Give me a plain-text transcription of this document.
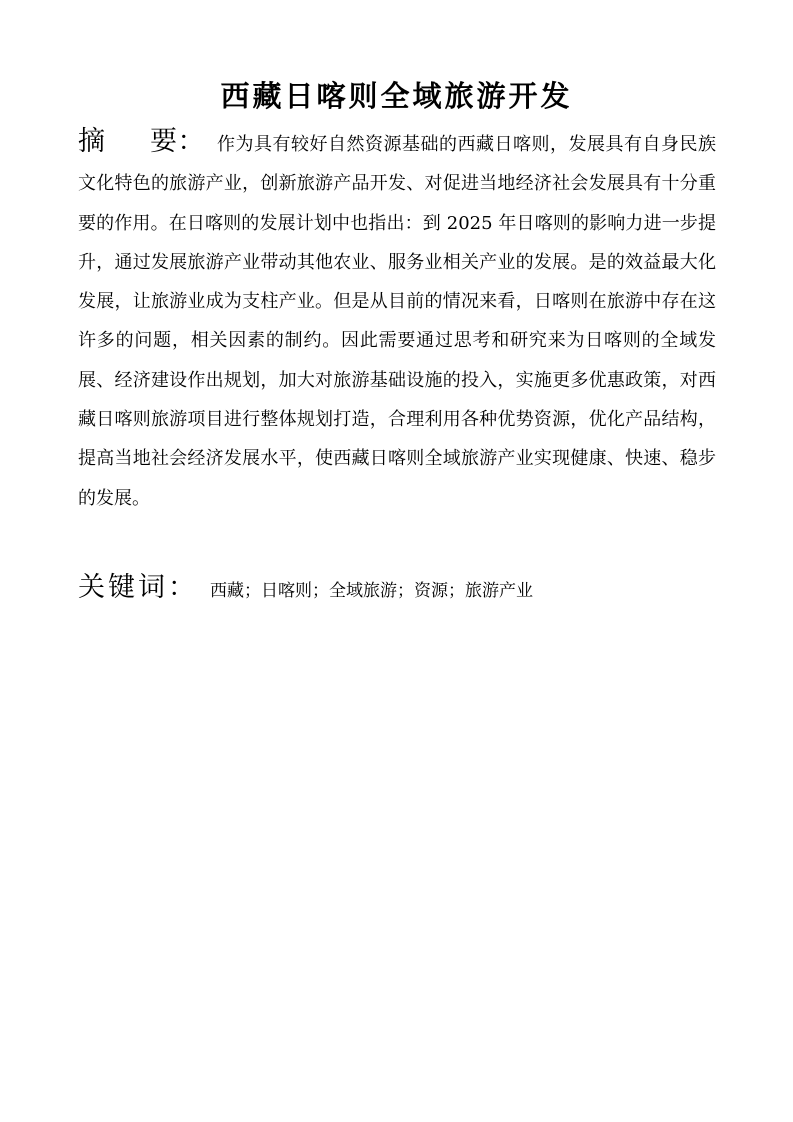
西藏日喀则全域旅游开发
摘 要： 作为具有较好自然资源基础的西藏日喀则，发展具有自身民族文化特色的旅游产业，创新旅游产品开发、对促进当地经济社会发展具有十分重要的作用。在日喀则的发展计划中也指出：到 2025 年日喀则的影响力进一步提升，通过发展旅游产业带动其他农业、服务业相关产业的发展。是的效益最大化发展，让旅游业成为支柱产业。但是从目前的情况来看，日喀则在旅游中存在这许多的问题，相关因素的制约。因此需要通过思考和研究来为日喀则的全域发展、经济建设作出规划，加大对旅游基础设施的投入，实施更多优惠政策，对西藏日喀则旅游项目进行整体规划打造，合理利用各种优势资源，优化产品结构，提高当地社会经济发展水平，使西藏日喀则全域旅游产业实现健康、快速、稳步的发展。
关键词： 西藏；日喀则；全域旅游；资源；旅游产业
